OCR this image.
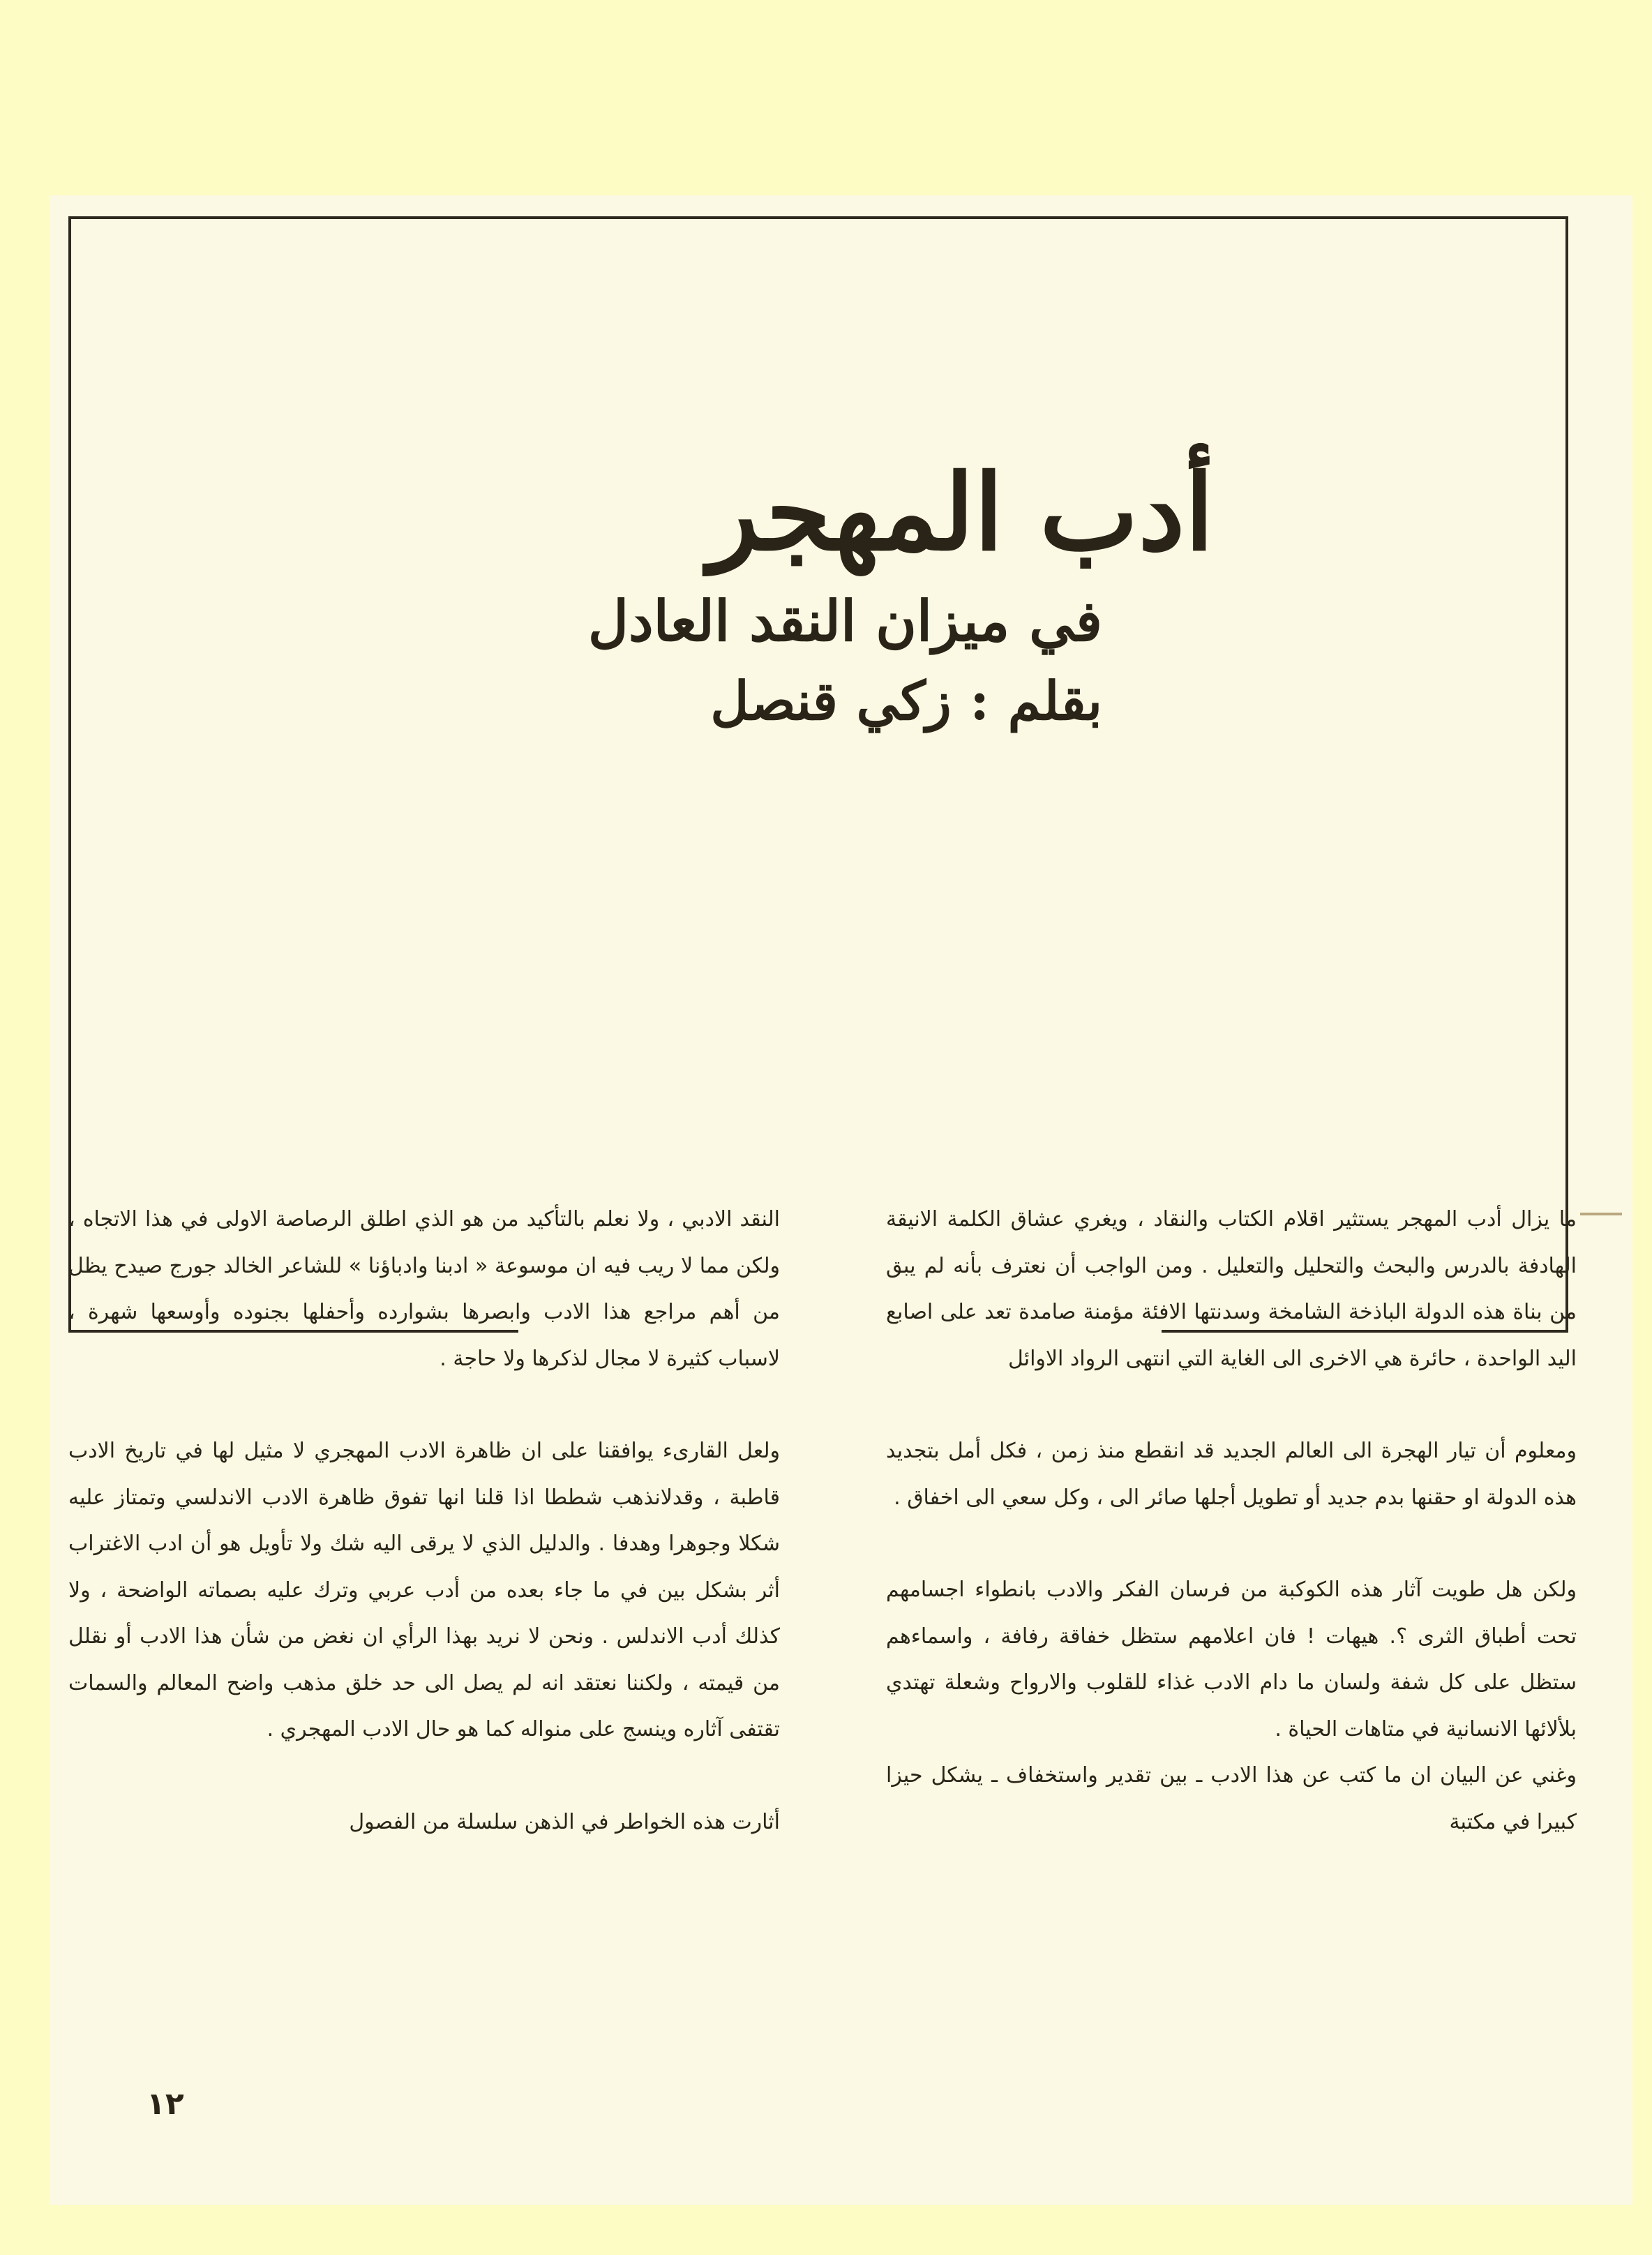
أدب المهجر
في ميزان النقد العادل
بقلم : زكي قنصل

ما يزال أدب المهجر يستثير اقلام الكتاب والنقاد ، ويغري عشاق الكلمة الانيقة الهادفة بالدرس والبحث والتحليل والتعليل . ومن الواجب أن نعترف بأنه لم يبق من بناة هذه الدولة الباذخة الشامخة وسدنتها الافئة مؤمنة صامدة تعد على اصابع اليد الواحدة ، حائرة هي الاخرى الى الغاية التي انتهى الرواد الاوائل

ومعلوم أن تيار الهجرة الى العالم الجديد قد انقطع منذ زمن ، فكل أمل بتجديد هذه الدولة او حقنها بدم جديد أو تطويل أجلها صائر الى ، وكل سعي الى اخفاق .

ولكن هل طويت آثار هذه الكوكبة من فرسان الفكر والادب بانطواء اجسامهم تحت أطباق الثرى ؟. هيهات ! فان اعلامهم ستظل خفاقة رفافة ، واسماءهم ستظل على كل شفة ولسان ما دام الادب غذاء للقلوب والارواح وشعلة تهتدي بلألائها الانسانية في متاهات الحياة .

وغني عن البيان ان ما كتب عن هذا الادب ـ بين تقدير واستخفاف ـ يشكل حيزا كبيرا في مكتبة

النقد الادبي ، ولا نعلم بالتأكيد من هو الذي اطلق الرصاصة الاولى في هذا الاتجاه ، ولكن مما لا ريب فيه ان موسوعة « ادبنا وادباؤنا » للشاعر الخالد جورج صيدح يظل من أهم مراجع هذا الادب وابصرها بشوارده وأحفلها بجنوده وأوسعها شهرة ، لاسباب كثيرة لا مجال لذكرها ولا حاجة .

ولعل القارىء يوافقنا على ان ظاهرة الادب المهجري لا مثيل لها في تاريخ الادب قاطبة ، وقدلانذهب شططا اذا قلنا انها تفوق ظاهرة الادب الاندلسي وتمتاز عليه شكلا وجوهرا وهدفا . والدليل الذي لا يرقى اليه شك ولا تأويل هو أن ادب الاغتراب أثر بشكل بين في ما جاء بعده من أدب عربي وترك عليه بصماته الواضحة ، ولا كذلك أدب الاندلس . ونحن لا نريد بهذا الرأي ان نغض من شأن هذا الادب أو نقلل من قيمته ، ولكننا نعتقد انه لم يصل الى حد خلق مذهب واضح المعالم والسمات تقتفى آثاره وينسج على منواله كما هو حال الادب المهجري .

أثارت هذه الخواطر في الذهن سلسلة من الفصول

١٢
